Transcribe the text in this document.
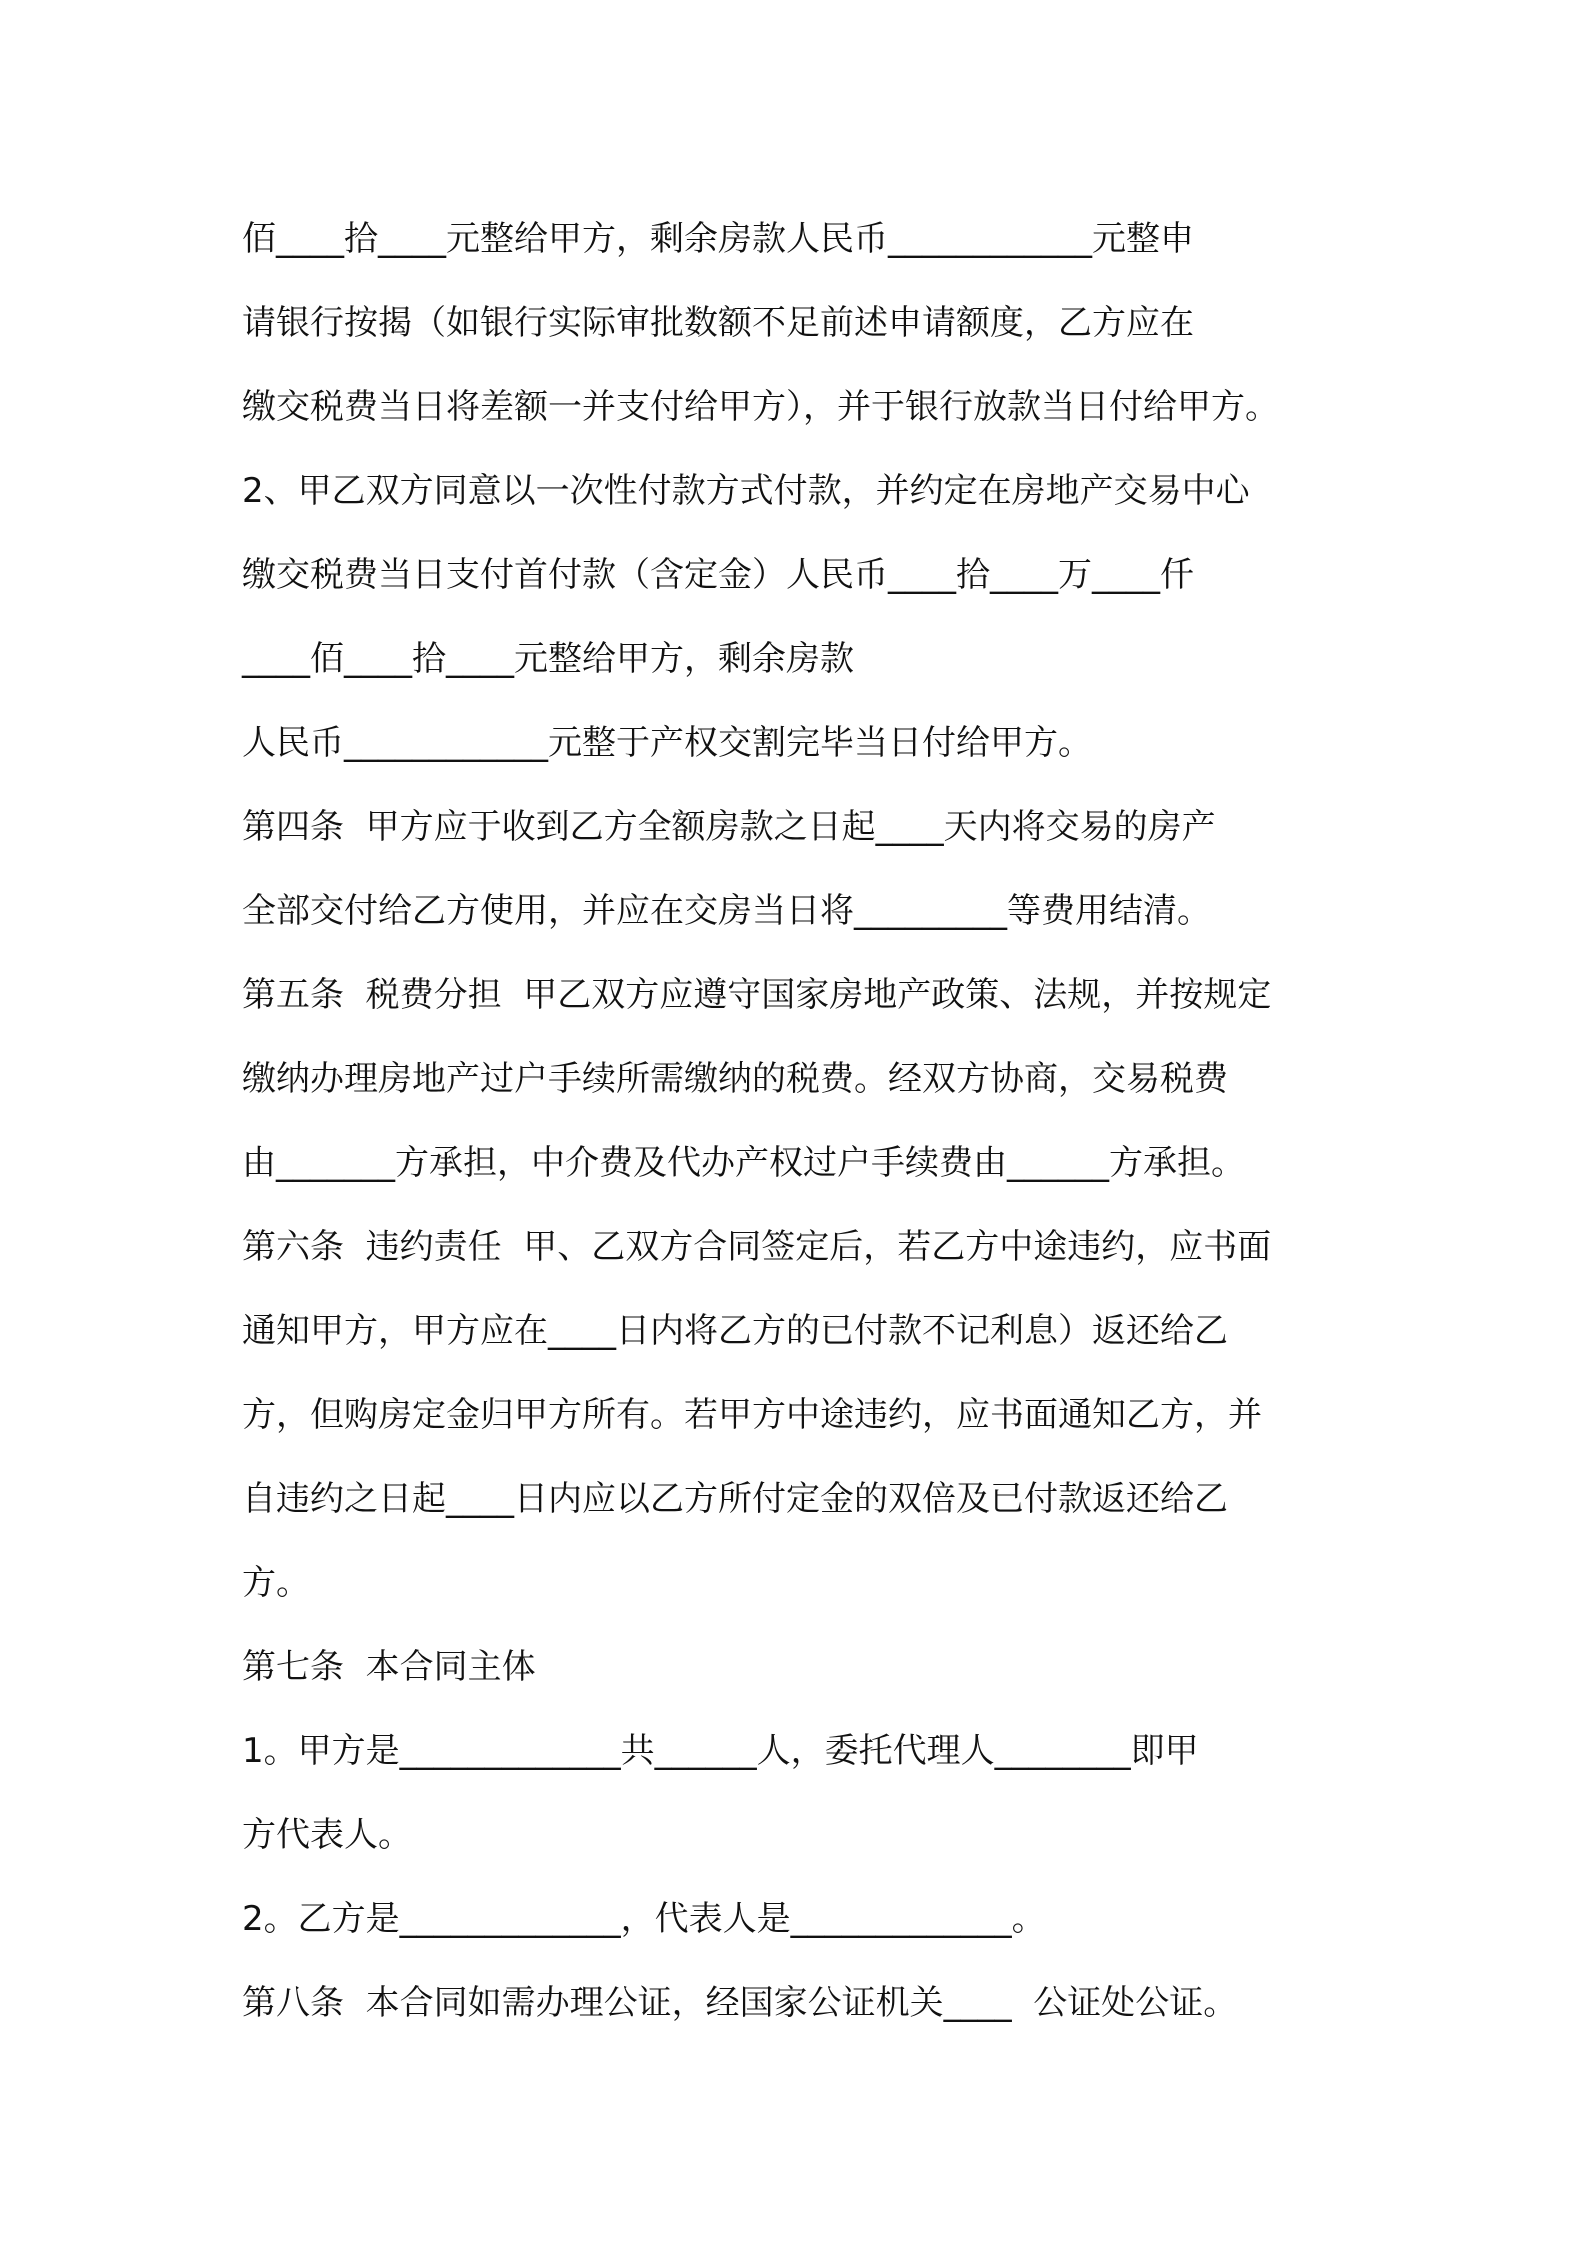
佰____拾____元整给甲方，剩余房款人民币____________元整申
请银行按揭（如银行实际审批数额不足前述申请额度，乙方应在
缴交税费当日将差额一并支付给甲方），并于银行放款当日付给甲方。
2、甲乙双方同意以一次性付款方式付款，并约定在房地产交易中心
缴交税费当日支付首付款（含定金）人民币____拾____万____仟
____佰____拾____元整给甲方，剩余房款
人民币____________元整于产权交割完毕当日付给甲方。
第四条  甲方应于收到乙方全额房款之日起____天内将交易的房产
全部交付给乙方使用，并应在交房当日将_________等费用结清。
第五条  税费分担  甲乙双方应遵守国家房地产政策、法规，并按规定
缴纳办理房地产过户手续所需缴纳的税费。经双方协商，交易税费
由_______方承担，中介费及代办产权过户手续费由______方承担。
第六条  违约责任  甲、乙双方合同签定后，若乙方中途违约，应书面
通知甲方，甲方应在____日内将乙方的已付款不记利息）返还给乙
方，但购房定金归甲方所有。若甲方中途违约，应书面通知乙方，并
自违约之日起____日内应以乙方所付定金的双倍及已付款返还给乙
方。
第七条  本合同主体
1。甲方是_____________共______人，委托代理人________即甲
方代表人。
2。乙方是_____________，代表人是_____________。
第八条  本合同如需办理公证，经国家公证机关____  公证处公证。
